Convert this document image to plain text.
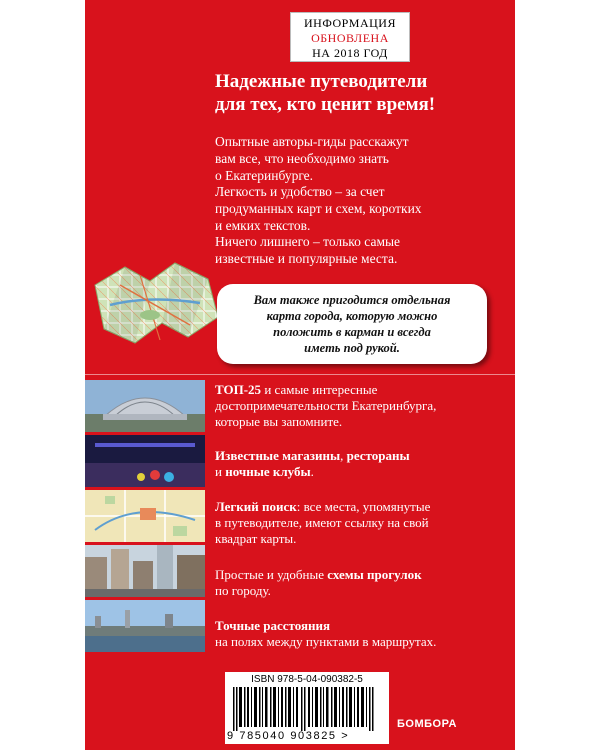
ИНФОРМАЦИЯ
ОБНОВЛЕНА
НА 2018 ГОД
Надежные путеводители
для тех, кто ценит время!

Опытные авторы-гиды расскажут
вам все, что необходимо знать
о Екатеринбурге.

Легкость и удобство – за счет
продуманных карт и схем, коротких
и емких текстов.

Ничего лишнего – только самые
известные и популярные места.

Вам также пригодится отдельная
карта города, которую можно
положить в карман и всегда
иметь под рукой.

ТОП-25 и самые интересные
достопримечательности Екатеринбурга,
которые вы запомните.

Известные магазины, рестораны
и ночные клубы.

Легкий поиск: все места, упомянутые
в путеводителе, имеют ссылку на свой
квадрат карты.

Простые и удобные схемы прогулок
по городу.

Точные расстояния
на полях между пунктами в маршрутах.

ISBN 978-5-04-090382-5
9 785040 903825 >
БОМБОРА
